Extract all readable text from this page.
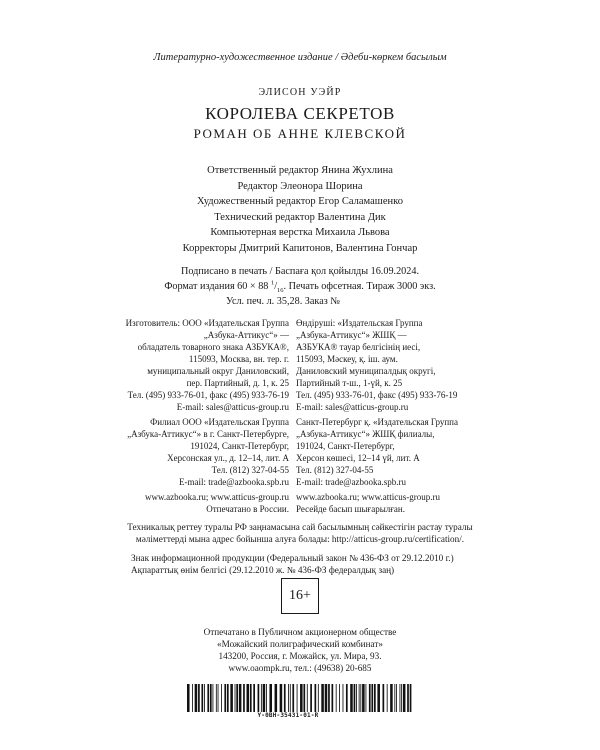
Литературно-художественное издание / Әдеби-көркем басылым
ЭЛИСОН УЭЙР
КОРОЛЕВА СЕКРЕТОВ
РОМАН ОБ АННЕ КЛЕВСКОЙ
Ответственный редактор Янина Жухлина
Редактор Элеонора Шорина
Художественный редактор Егор Саламашенко
Технический редактор Валентина Дик
Компьютерная верстка Михаила Львова
Корректоры Дмитрий Капитонов, Валентина Гончар
Подписано в печать / Баспаға қол қойылды 16.09.2024.
Формат издания 60 × 88 $^1/_{16}$. Печать офсетная. Тираж 3000 экз.
Усл. печ. л. 35,28. Заказ №
Изготовитель: ООО «Издательская Группа
„Азбука-Аттикус“» —
обладатель товарного знака АЗБУКА®,
115093, Москва, вн. тер. г.
муниципальный округ Даниловский,
пер. Партийный, д. 1, к. 25
Тел. (495) 933-76-01, факс (495) 933-76-19
E-mail: sales@atticus-group.ru
Филиал ООО «Издательская Группа
„Азбука-Аттикус“» в г. Санкт-Петербурге,
191024, Санкт-Петербург,
Херсонская ул., д. 12–14, лит. А
Тел. (812) 327-04-55
E-mail: trade@azbooka.spb.ru
www.azbooka.ru; www.atticus-group.ru
Отпечатано в России.
Өндіруші: «Издательская Группа
„Азбука-Аттикус“» ЖШҚ —
АЗБУКА® тауар белгісінің иесі,
115093, Мәскеу, қ. іш. аум.
Даниловский муниципалдық округі,
Партийный т-ш., 1-үй, к. 25
Тел. (495) 933-76-01, факс (495) 933-76-19
E-mail: sales@atticus-group.ru
Санкт-Петербург қ. «Издательская Группа
„Азбука-Аттикус“» ЖШҚ филиалы,
191024, Санкт-Петербург,
Херсон көшесі, 12–14 үй, лит. А
Тел. (812) 327-04-55
E-mail: trade@azbooka.spb.ru
www.azbooka.ru; www.atticus-group.ru
Ресейде басып шығарылған.
Техникалық реттеу туралы РФ заңнамасына сай басылымның сәйкестігін растау туралы
мәліметтерді мына адрес бойынша алуға болады: http://atticus-group.ru/certification/.
Знак информационной продукции (Федеральный закон № 436-ФЗ от 29.12.2010 г.)
Ақпараттық өнім белгісі (29.12.2010 ж. № 436-ФЗ федералдық заң)
16+
Отпечатано в Публичном акционерном обществе
«Можайский полиграфический комбинат»
143200, Россия, г. Можайск, ул. Мира, 93.
www.oaompk.ru, тел.: (49638) 20-685
Y-0BH-35431-01-R
